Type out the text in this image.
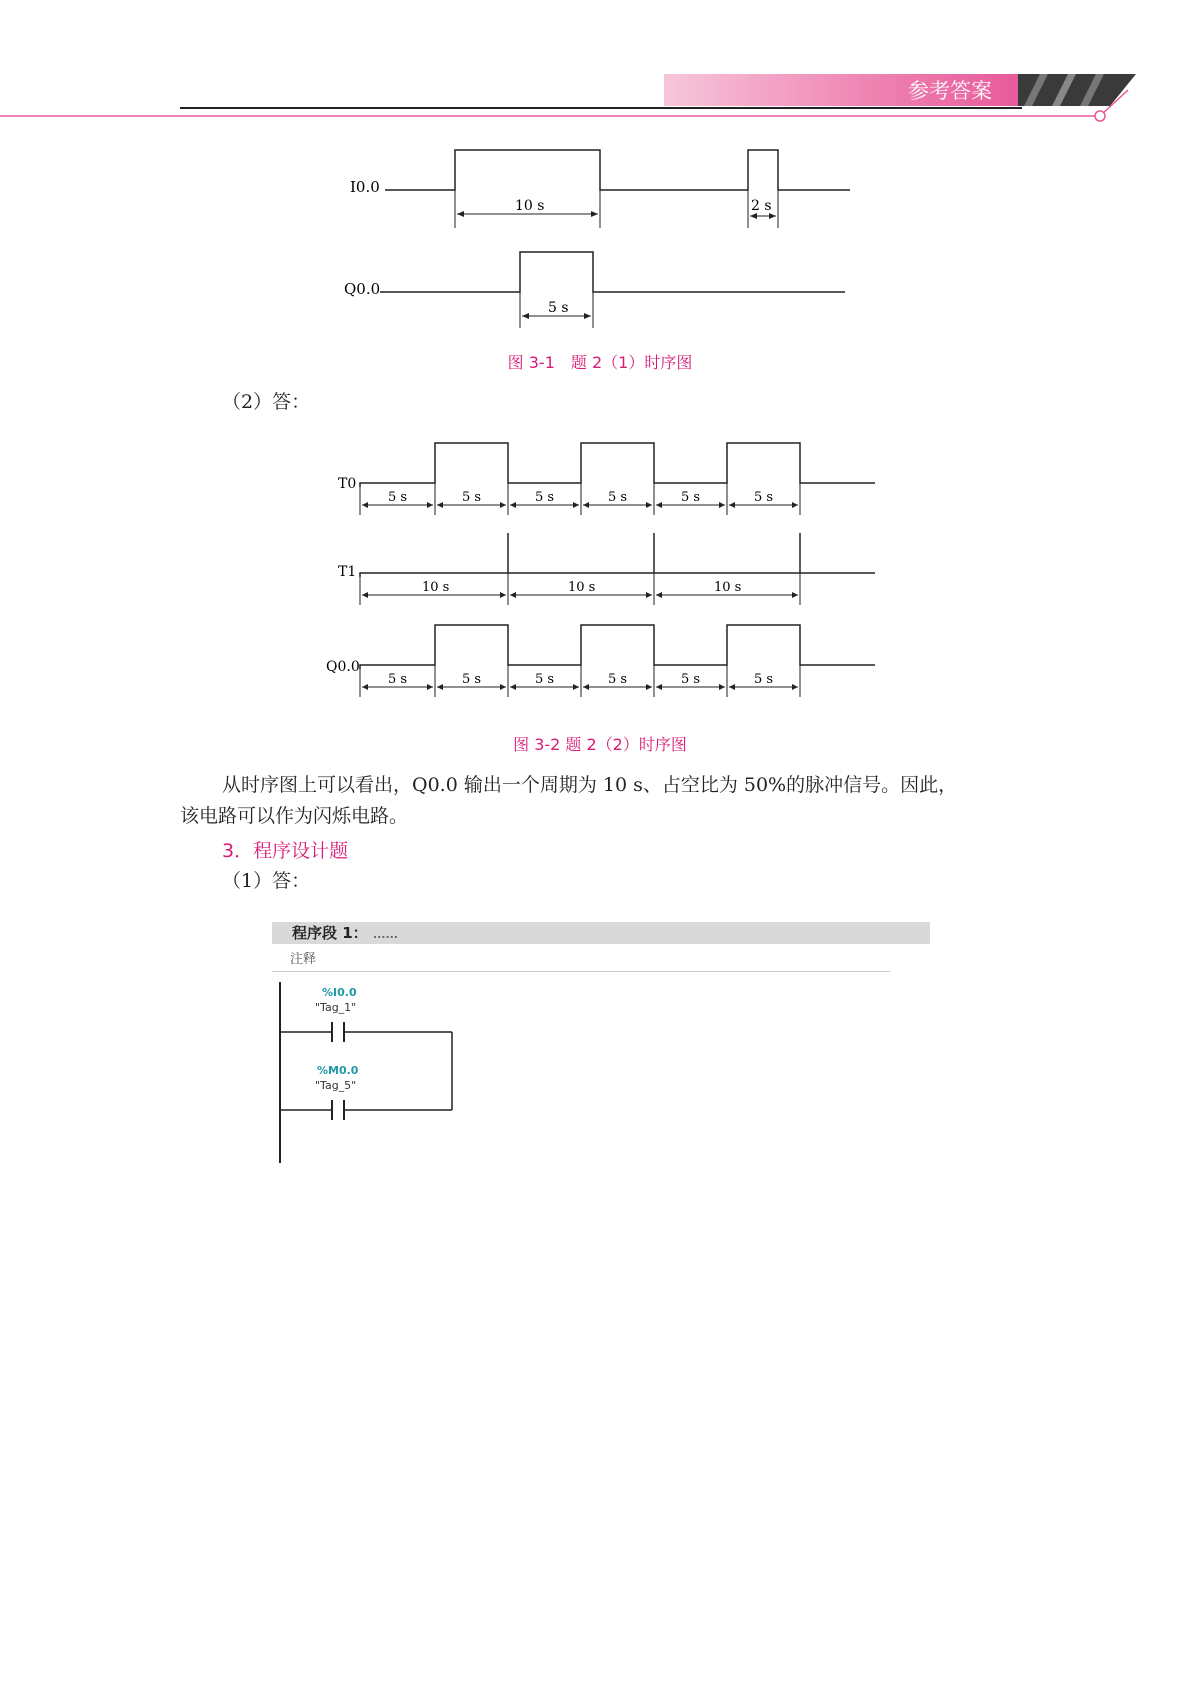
参考答案
I0.0
10 s	2 s
Q0.0
5 s
图 3-1　题 2（1）时序图
（2）答：
T0
5 s	5 s	5 s	5 s	5 s	5 s
T1
10 s	10 s	10 s
Q0.0
5 s	5 s	5 s	5 s	5 s	5 s
图 3-2 题 2（2）时序图
从时序图上可以看出，Q0.0 输出一个周期为 10 s、占空比为 50%的脉冲信号。因此，
该电路可以作为闪烁电路。
3．程序设计题
（1）答：
程序段 1： ......
注释
%I0.0
"Tag_1"
%M0.0
"Tag_5"
